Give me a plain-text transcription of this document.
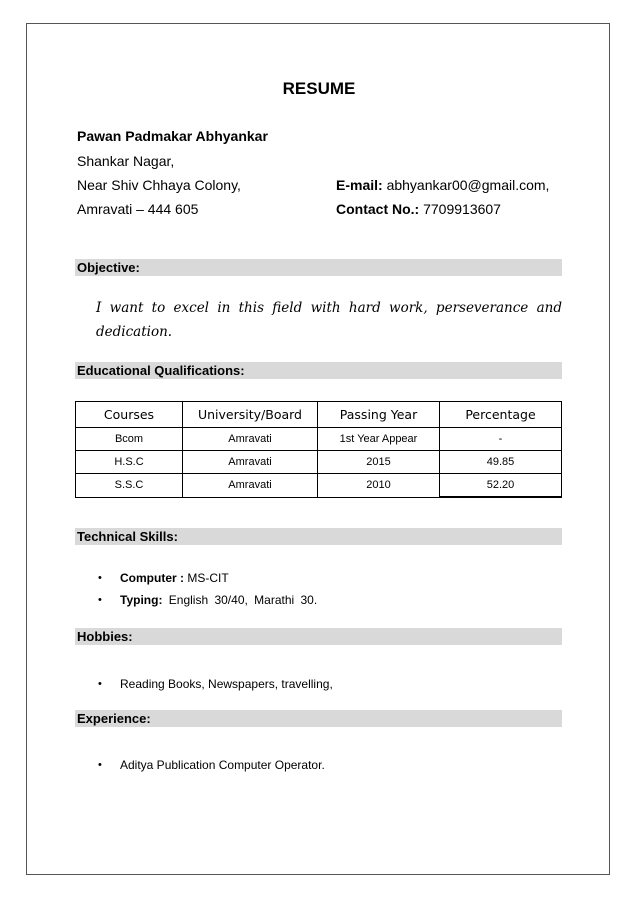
RESUME
Pawan Padmakar Abhyankar
Shankar Nagar,
Near Shiv Chhaya Colony,
Amravati – 444 605
E-mail: abhyankar00@gmail.com,
Contact No.: 7709913607
Objective:
I want to excel in this field with hard work, perseverance and dedication.
Educational Qualifications:
Courses	University/Board	Passing Year	Percentage
Bcom	Amravati	1st Year Appear	-
H.S.C	Amravati	2015	49.85
S.S.C	Amravati	2010	52.20
Technical Skills:
• Computer : MS-CIT
• Typing: English 30/40, Marathi 30.
Hobbies:
• Reading Books, Newspapers, travelling,
Experience:
• Aditya Publication Computer Operator.
